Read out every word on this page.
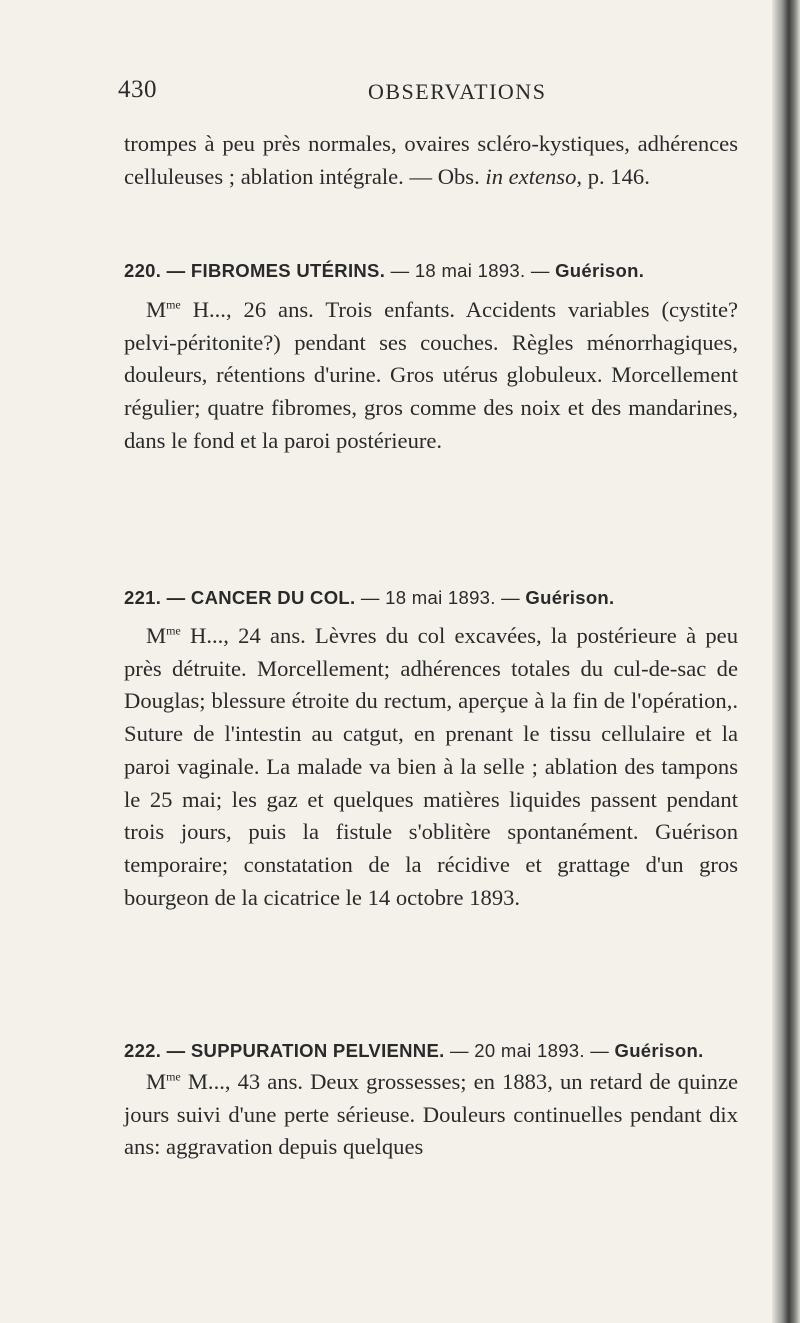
430	OBSERVATIONS

trompes à peu près normales, ovaires scléro-kystiques, adhérences celluleuses ; ablation intégrale. — Obs. in extenso, p. 146.

220. — FIBROMES UTÉRINS. — 18 mai 1893. — Guérison.

$M^{me}$ H..., 26 ans. Trois enfants. Accidents variables (cystite? pelvi-péritonite?) pendant ses couches. Règles ménorrhagiques, douleurs, rétentions d'urine. Gros utérus globuleux. Morcellement régulier; quatre fibromes, gros comme des noix et des mandarines, dans le fond et la paroi postérieure.

221. — CANCER DU COL. — 18 mai 1893. — Guérison.

$M^{me}$ H..., 24 ans. Lèvres du col excavées, la postérieure à peu près détruite. Morcellement; adhérences totales du cul-de-sac de Douglas; blessure étroite du rectum, aperçue à la fin de l'opération,. Suture de l'intestin au catgut, en prenant le tissu cellulaire et la paroi vaginale. La malade va bien à la selle ; ablation des tampons le 25 mai; les gaz et quelques matières liquides passent pendant trois jours, puis la fistule s'oblitère spontanément. Guérison temporaire; constatation de la récidive et grattage d'un gros bourgeon de la cicatrice le 14 octobre 1893.

222. — SUPPURATION PELVIENNE. — 20 mai 1893. — Guérison.

$M^{me}$ M..., 43 ans. Deux grossesses; en 1883, un retard de quinze jours suivi d'une perte sérieuse. Douleurs continuelles pendant dix ans: aggravation depuis quelques
